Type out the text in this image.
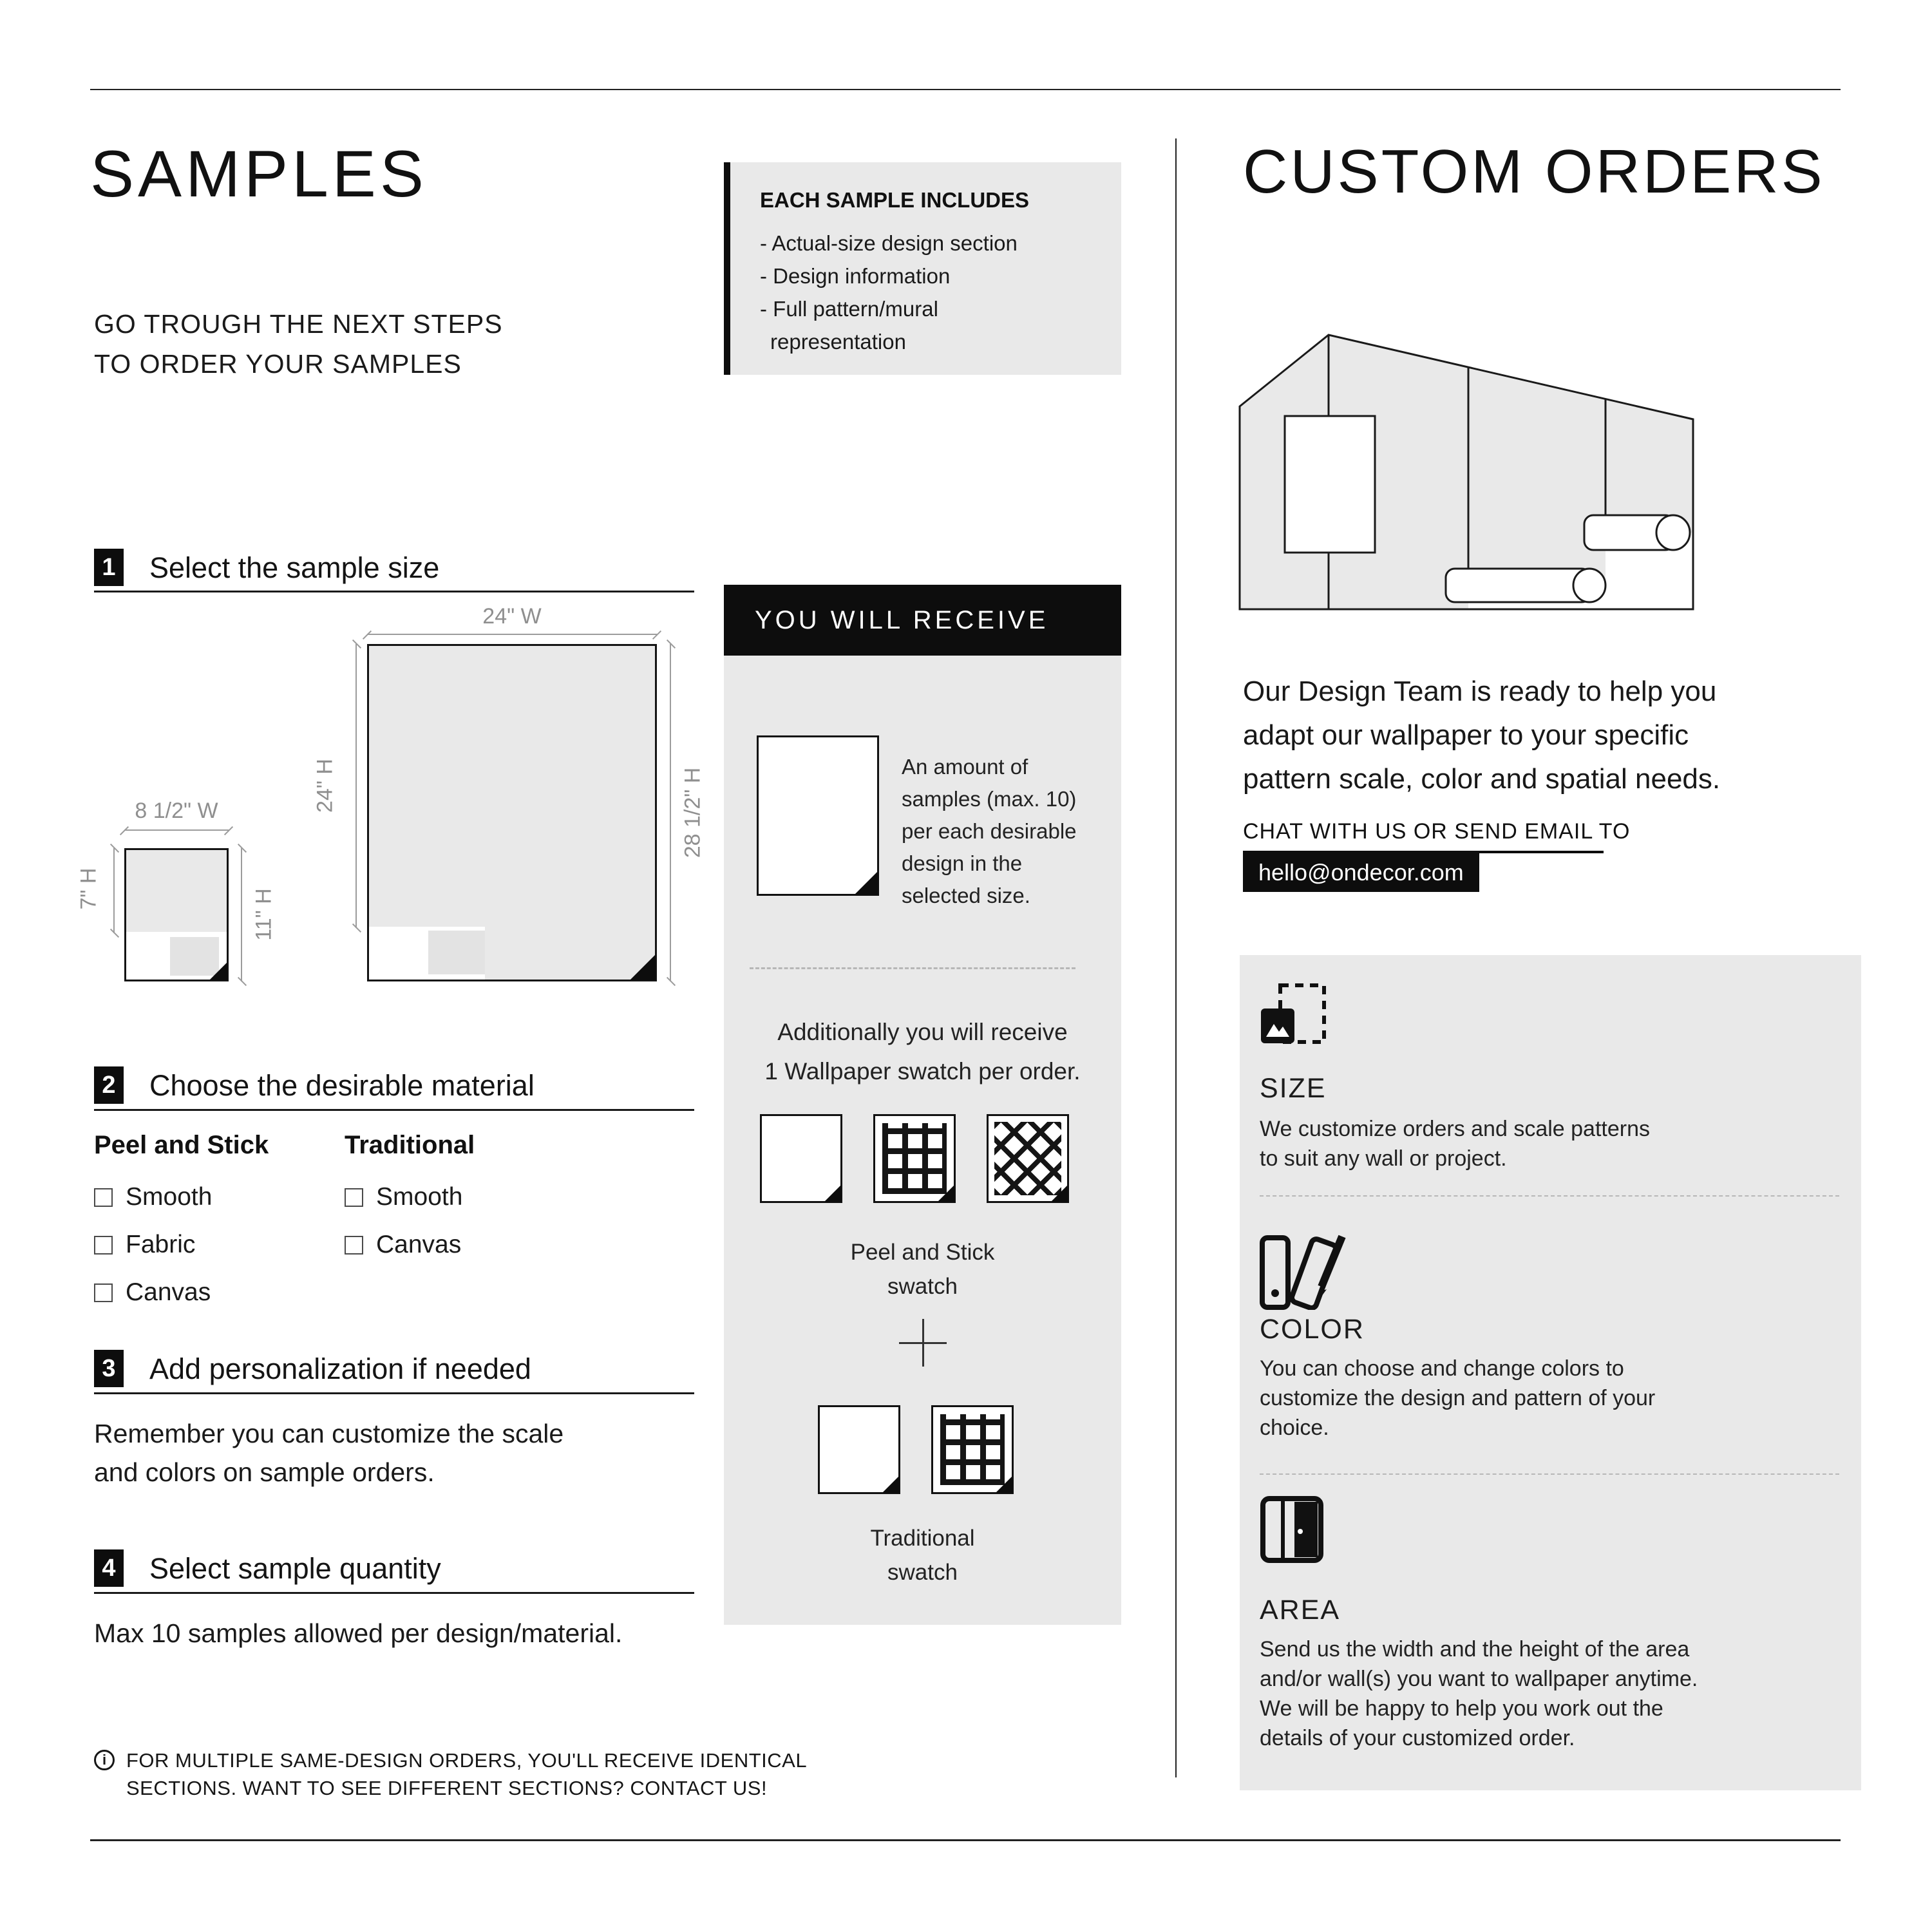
SAMPLES
GO TROUGH THE NEXT STEPS
TO ORDER YOUR SAMPLES
EACH SAMPLE INCLUDES
- Actual-size design section
- Design information
- Full pattern/mural representation
1 Select the sample size
24" W
24" H	28 1/2" H
8 1/2" W
7" H	11" H
2 Choose the desirable material
Peel and Stick
Smooth
Fabric
Canvas
Traditional
Smooth
Canvas
3 Add personalization if needed
Remember you can customize the scale
and colors on sample orders.
4 Select sample quantity
Max 10 samples allowed per design/material.
i FOR MULTIPLE SAME-DESIGN ORDERS, YOU'LL RECEIVE IDENTICAL
SECTIONS. WANT TO SEE DIFFERENT SECTIONS? CONTACT US!
YOU WILL RECEIVE
An amount of
samples (max. 10)
per each desirable
design in the
selected size.
Additionally you will receive
1 Wallpaper swatch per order.
Peel and Stick
swatch
Traditional
swatch
CUSTOM ORDERS
Our Design Team is ready to help you
adapt our wallpaper to your specific
pattern scale, color and spatial needs.
CHAT WITH US OR SEND EMAIL TO
hello@ondecor.com
SIZE
We customize orders and scale patterns
to suit any wall or project.
COLOR
You can choose and change colors to
customize the design and pattern of your
choice.
AREA
Send us the width and the height of the area
and/or wall(s) you want to wallpaper anytime.
We will be happy to help you work out the
details of your customized order.
